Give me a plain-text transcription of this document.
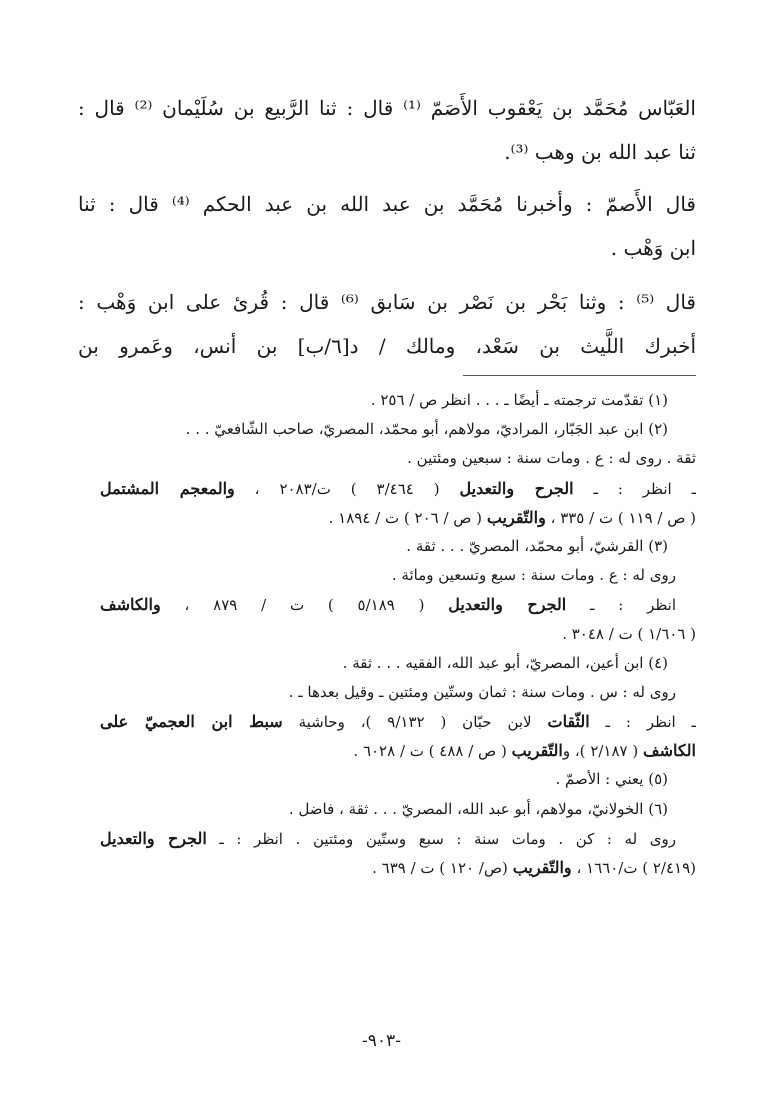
العَبّاس مُحَمَّد بن يَعْقوب الأَصَمّ ⁽¹⁾ قال : ثنا الرَّبيع بن سُلَيْمان ⁽²⁾ قال :

ثنا عبد الله بن وهب ⁽³⁾.

قال الأَصمّ : وأخبرنا مُحَمَّد بن عبد الله بن عبد الحكم ⁽⁴⁾ قال : ثنا

ابن وَهْب .

قال ⁽⁵⁾ : وثنا بَحْر بن نَصْر بن سَابق ⁽⁶⁾ قال : قُرئ على ابن وَهْب :

أخبرك اللَّيث بن سَعْد، ومالك / د[٦/ب] بن أنس، وعَمرو بن

(١) تقدّمت ترجمته ـ أيضًا ـ . . . انظر ص / ٢٥٦ .
(٢) ابن عبد الجَبّار، المراديّ، مولاهم، أبو محمّد، المصريّ، صاحب الشّافعيّ . . .
ثقة . روى له : ع . ومات سنة : سبعين ومئتين .
ـ انظر : ـ الجرح والتعديل ( ٣/٤٦٤ ) ت/٢٠٨٣ ، والمعجم المشتمل
( ص / ١١٩ ) ت / ٣٣٥ ، والتّقريب ( ص / ٢٠٦ ) ت / ١٨٩٤ .
(٣) القرشيّ، أبو محمّد، المصريّ . . . ثقة .
روى له : ع . ومات سنة : سبع وتسعين ومائة .
انظر : ـ الجرح والتعديل ( ٥/١٨٩ ) ت / ٨٧٩ ، والكاشف
( ١/٦٠٦ ) ت / ٣٠٤٨ .
(٤) ابن أعين، المصريّ، أبو عبد الله، الفقيه . . . ثقة .
روى له : س . ومات سنة : ثمان وستّين ومئتين ـ وقيل بعدها ـ .
ـ انظر : ـ الثّقات لابن حبّان ( ٩/١٣٢ )، وحاشية سبط ابن العجميّ على
الكاشف ( ٢/١٨٧ )، والتّقريب ( ص / ٤٨٨ ) ت / ٦٠٢٨ .
(٥) يعني : الأصمّ .
(٦) الخولانيّ، مولاهم، أبو عبد الله، المصريّ . . . ثقة ، فاضل .
روى له : كن . ومات سنة : سبع وستّين ومئتين . انظر : ـ الجرح والتعديل
(٢/٤١٩ ) ت/١٦٦٠ ، والتّقريب (ص/ ١٢٠ ) ت / ٦٣٩ .
-٩٠٣-
